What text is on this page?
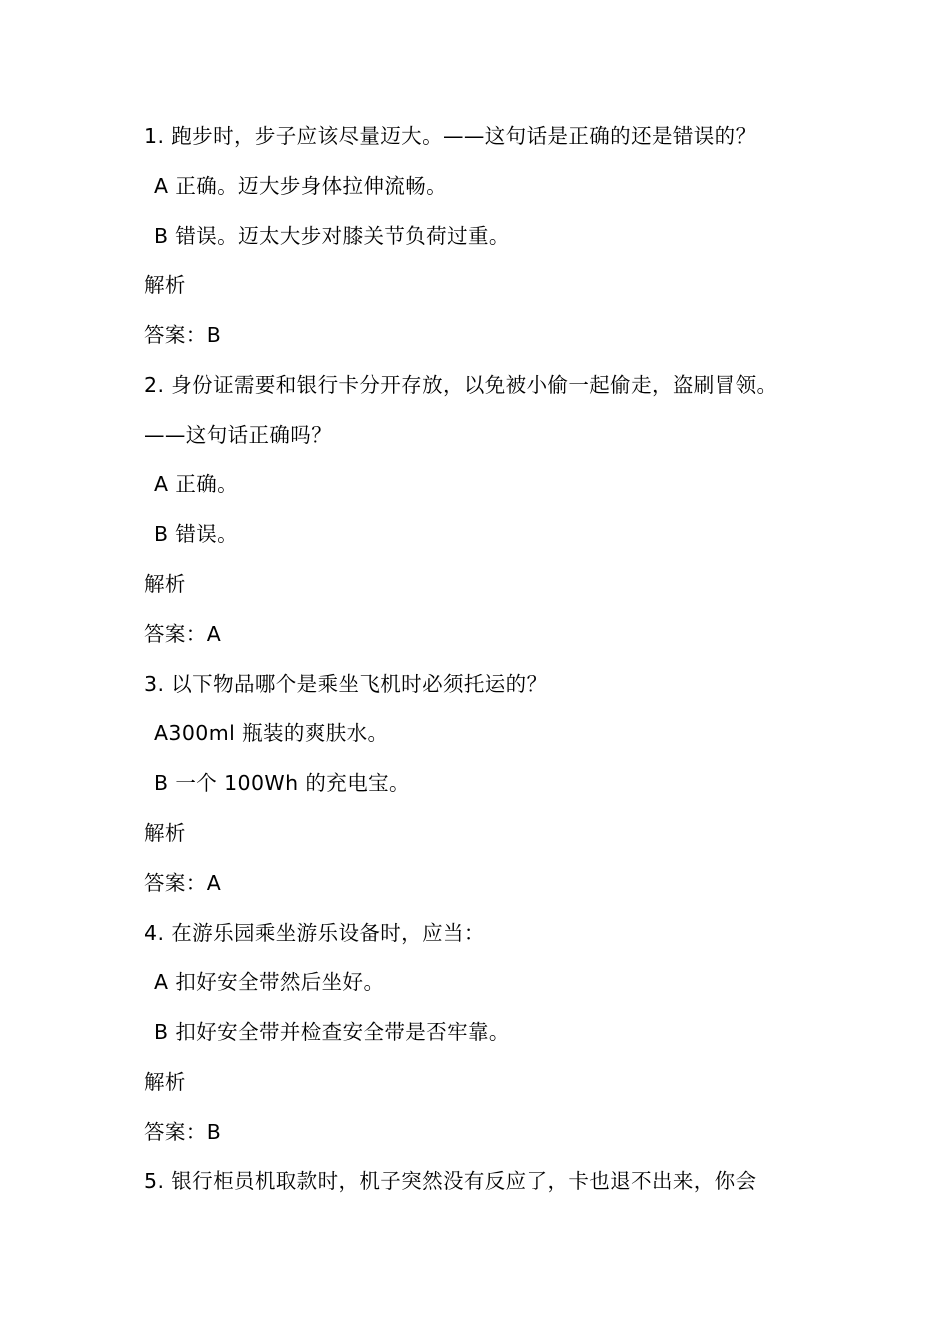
1. 跑步时，步子应该尽量迈大。——这句话是正确的还是错误的？
A 正确。迈大步身体拉伸流畅。
B 错误。迈太大步对膝关节负荷过重。
解析
答案：B
2. 身份证需要和银行卡分开存放，以免被小偷一起偷走，盗刷冒领。
——这句话正确吗？
A 正确。
B 错误。
解析
答案：A
3. 以下物品哪个是乘坐飞机时必须托运的？
A300ml 瓶装的爽肤水。
B 一个 100Wh 的充电宝。
解析
答案：A
4. 在游乐园乘坐游乐设备时，应当：
A 扣好安全带然后坐好。
B 扣好安全带并检查安全带是否牢靠。
解析
答案：B
5. 银行柜员机取款时，机子突然没有反应了，卡也退不出来，你会
